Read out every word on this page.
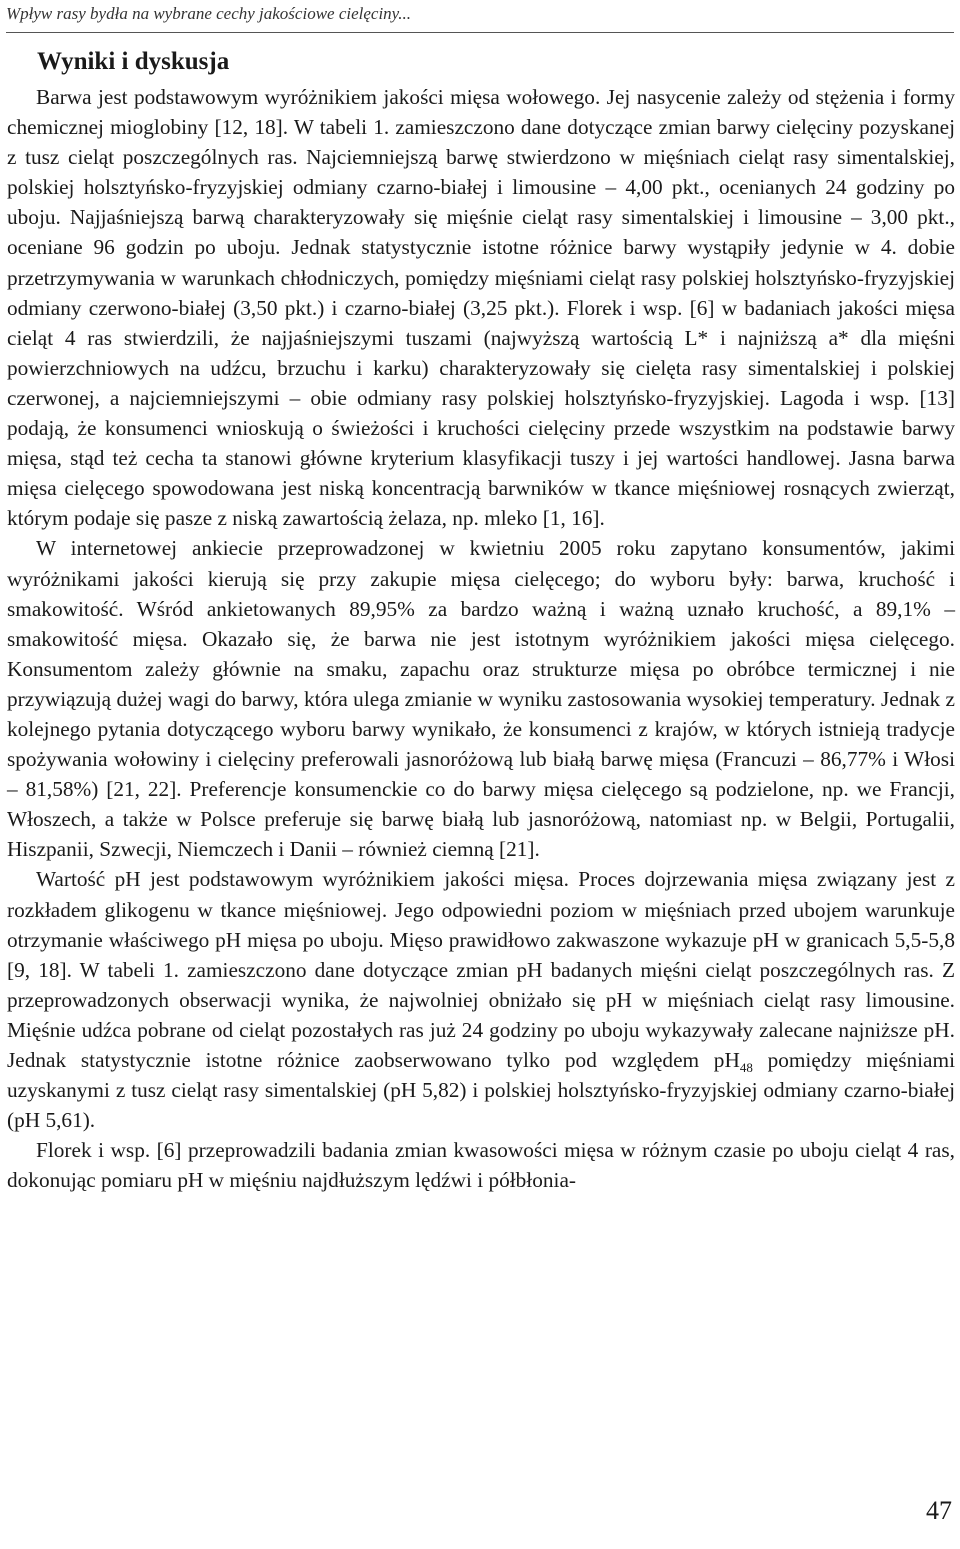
Wpływ rasy bydła na wybrane cechy jakościowe cielęciny...
Wyniki i dyskusja

Barwa jest podstawowym wyróżnikiem jakości mięsa wołowego. Jej nasycenie zależy od stężenia i formy chemicznej mioglobiny [12, 18]. W tabeli 1. zamieszczono dane dotyczące zmian barwy cielęciny pozyskanej z tusz cieląt poszczególnych ras. Najciemniejszą barwę stwierdzono w mięśniach cieląt rasy simentalskiej, polskiej holsztyńsko-fryzyjskiej odmiany czarno-białej i limousine – 4,00 pkt., ocenianych 24 godziny po uboju. Najjaśniejszą barwą charakteryzowały się mięśnie cieląt rasy simentalskiej i limousine – 3,00 pkt., oceniane 96 godzin po uboju. Jednak statystycznie istotne różnice barwy wystąpiły jedynie w 4. dobie przetrzymywania w warunkach chłodniczych, pomiędzy mięśniami cieląt rasy polskiej holsztyńsko-fryzyjskiej odmiany czerwono-białej (3,50 pkt.) i czarno-białej (3,25 pkt.). Florek i wsp. [6] w badaniach jakości mięsa cieląt 4 ras stwierdzili, że najjaśniejszymi tuszami (najwyższą wartością L* i najniższą a* dla mięśni powierzchniowych na udźcu, brzuchu i karku) charakteryzowały się cielęta rasy simentalskiej i polskiej czerwonej, a najciemniejszymi – obie odmiany rasy polskiej holsztyńsko-fryzyjskiej. Lagoda i wsp. [13] podają, że konsumenci wnioskują o świeżości i kruchości cielęciny przede wszystkim na podstawie barwy mięsa, stąd też cecha ta stanowi główne kryterium klasyfikacji tuszy i jej wartości handlowej. Jasna barwa mięsa cielęcego spowodowana jest niską koncentracją barwników w tkance mięśniowej rosnących zwierząt, którym podaje się pasze z niską zawartością żelaza, np. mleko [1, 16].

W internetowej ankiecie przeprowadzonej w kwietniu 2005 roku zapytano konsumentów, jakimi wyróżnikami jakości kierują się przy zakupie mięsa cielęcego; do wyboru były: barwa, kruchość i smakowitość. Wśród ankietowanych 89,95% za bardzo ważną i ważną uznało kruchość, a 89,1% – smakowitość mięsa. Okazało się, że barwa nie jest istotnym wyróżnikiem jakości mięsa cielęcego. Konsumentom zależy głównie na smaku, zapachu oraz strukturze mięsa po obróbce termicznej i nie przywiązują dużej wagi do barwy, która ulega zmianie w wyniku zastosowania wysokiej temperatury. Jednak z kolejnego pytania dotyczącego wyboru barwy wynikało, że konsumenci z krajów, w których istnieją tradycje spożywania wołowiny i cielęciny preferowali jasnoróżową lub białą barwę mięsa (Francuzi – 86,77% i Włosi – 81,58%) [21, 22]. Preferencje konsumenckie co do barwy mięsa cielęcego są podzielone, np. we Francji, Włoszech, a także w Polsce preferuje się barwę białą lub jasnoróżową, natomiast np. w Belgii, Portugalii, Hiszpanii, Szwecji, Niemczech i Danii – również ciemną [21].

Wartość pH jest podstawowym wyróżnikiem jakości mięsa. Proces dojrzewania mięsa związany jest z rozkładem glikogenu w tkance mięśniowej. Jego odpowiedni poziom w mięśniach przed ubojem warunkuje otrzymanie właściwego pH mięsa po uboju. Mięso prawidłowo zakwaszone wykazuje pH w granicach 5,5-5,8 [9, 18]. W tabeli 1. zamieszczono dane dotyczące zmian pH badanych mięśni cieląt poszczególnych ras. Z przeprowadzonych obserwacji wynika, że najwolniej obniżało się pH w mięśniach cieląt rasy limousine. Mięśnie udźca pobrane od cieląt pozostałych ras już 24 godziny po uboju wykazywały zalecane najniższe pH. Jednak statystycznie istotne różnice zaobserwowano tylko pod względem $pH_{48}$ pomiędzy mięśniami uzyskanymi z tusz cieląt rasy simentalskiej (pH 5,82) i polskiej holsztyńsko-fryzyjskiej odmiany czarno-białej (pH 5,61).

Florek i wsp. [6] przeprowadzili badania zmian kwasowości mięsa w różnym czasie po uboju cieląt 4 ras, dokonując pomiaru pH w mięśniu najdłuższym lędźwi i półbłonia-

47
